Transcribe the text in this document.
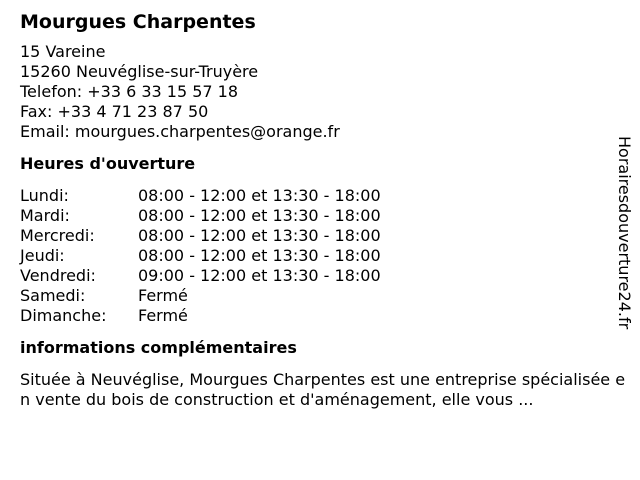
Mourgues Charpentes
15 Vareine
15260 Neuvéglise-sur-Truyère
Telefon: +33 6 33 15 57 18
Fax: +33 4 71 23 87 50
Email: mourgues.charpentes@orange.fr
Heures d'ouverture
Lundi:	08:00 - 12:00 et 13:30 - 18:00
Mardi:	08:00 - 12:00 et 13:30 - 18:00
Mercredi:	08:00 - 12:00 et 13:30 - 18:00
Jeudi:	08:00 - 12:00 et 13:30 - 18:00
Vendredi:	09:00 - 12:00 et 13:30 - 18:00
Samedi:	Fermé
Dimanche:	Fermé
informations complémentaires
Située à Neuvéglise, Mourgues Charpentes est une entreprise spécialisée en vente du bois de construction et d'aménagement, elle vous ...
Horairesdouverture24.fr
